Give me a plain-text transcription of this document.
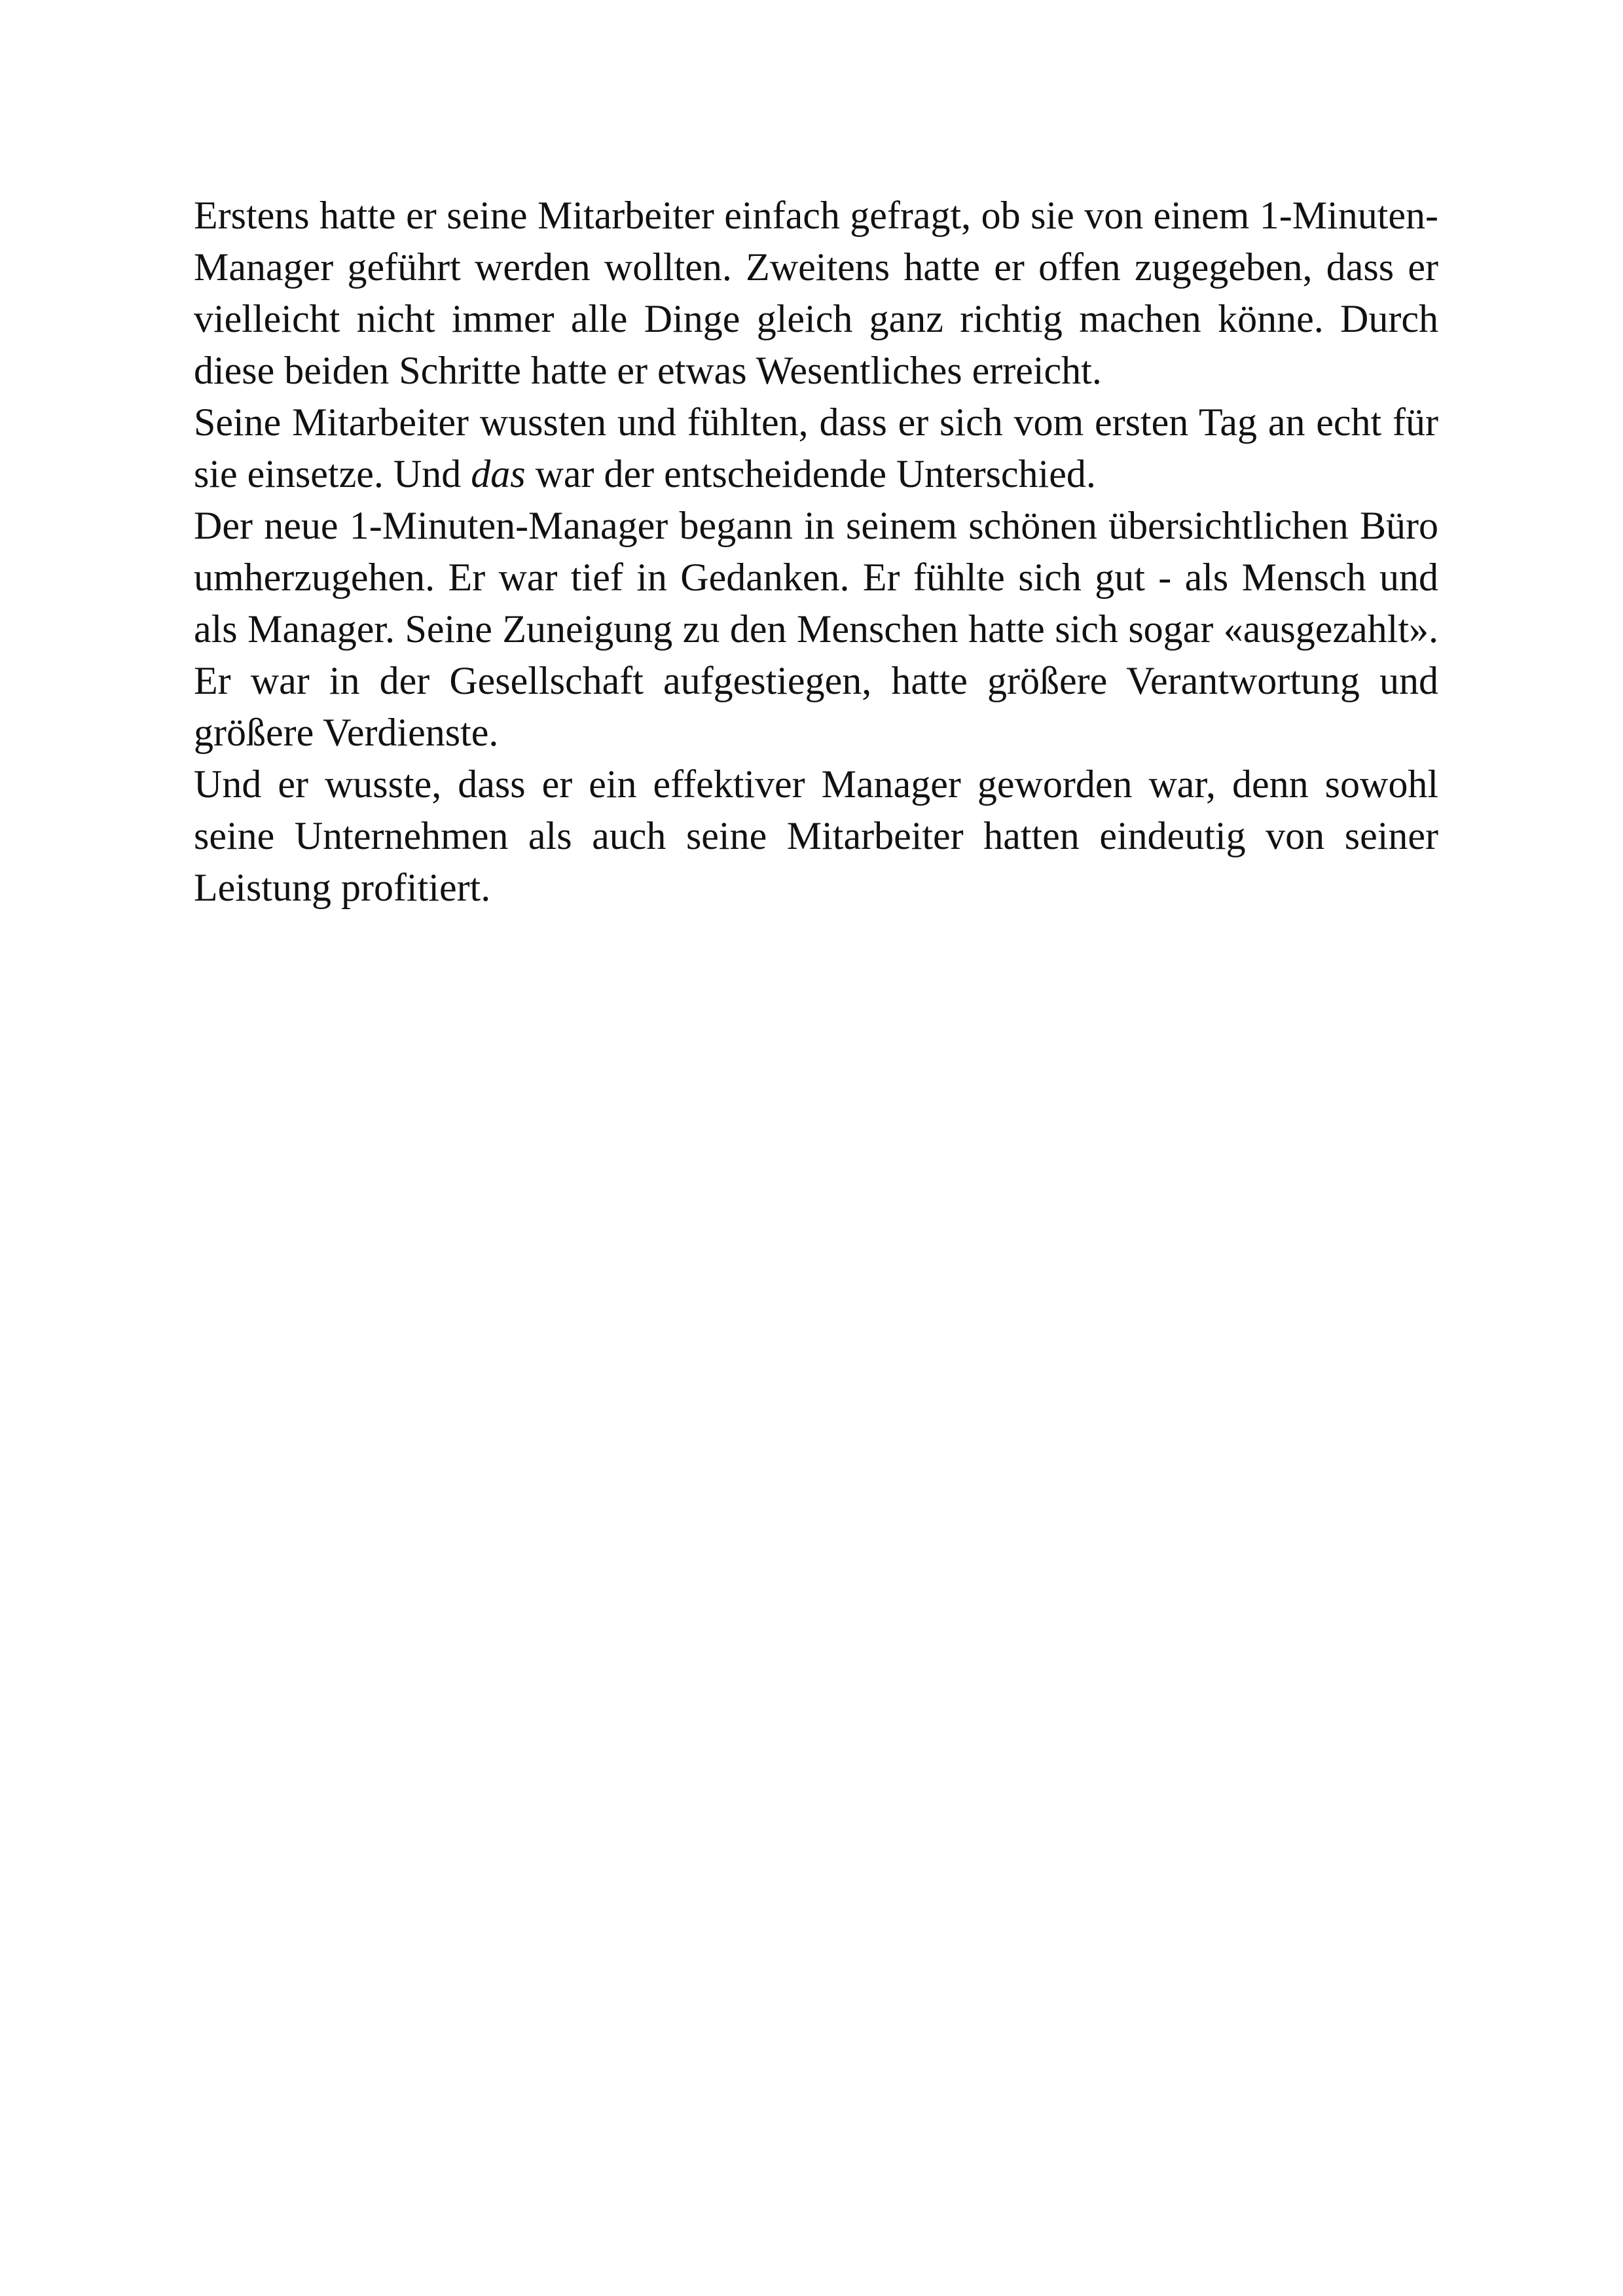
Erstens hatte er seine Mitarbeiter einfach gefragt, ob sie von einem 1-Minuten-Manager geführt werden wollten. Zweitens hatte er offen zugegeben, dass er vielleicht nicht immer alle Dinge gleich ganz richtig machen könne. Durch diese beiden Schritte hatte er etwas Wesentliches erreicht.

Seine Mitarbeiter wussten und fühlten, dass er sich vom ersten Tag an echt für sie einsetze. Und das war der entscheidende Unterschied.

Der neue 1-Minuten-Manager begann in seinem schönen übersichtlichen Büro umherzugehen. Er war tief in Gedanken. Er fühlte sich gut - als Mensch und als Manager. Seine Zuneigung zu den Menschen hatte sich sogar «ausgezahlt». Er war in der Gesellschaft aufgestiegen, hatte größere Verantwortung und größere Verdienste.

Und er wusste, dass er ein effektiver Manager geworden war, denn sowohl seine Unternehmen als auch seine Mitarbeiter hatten eindeutig von seiner Leistung profitiert.
